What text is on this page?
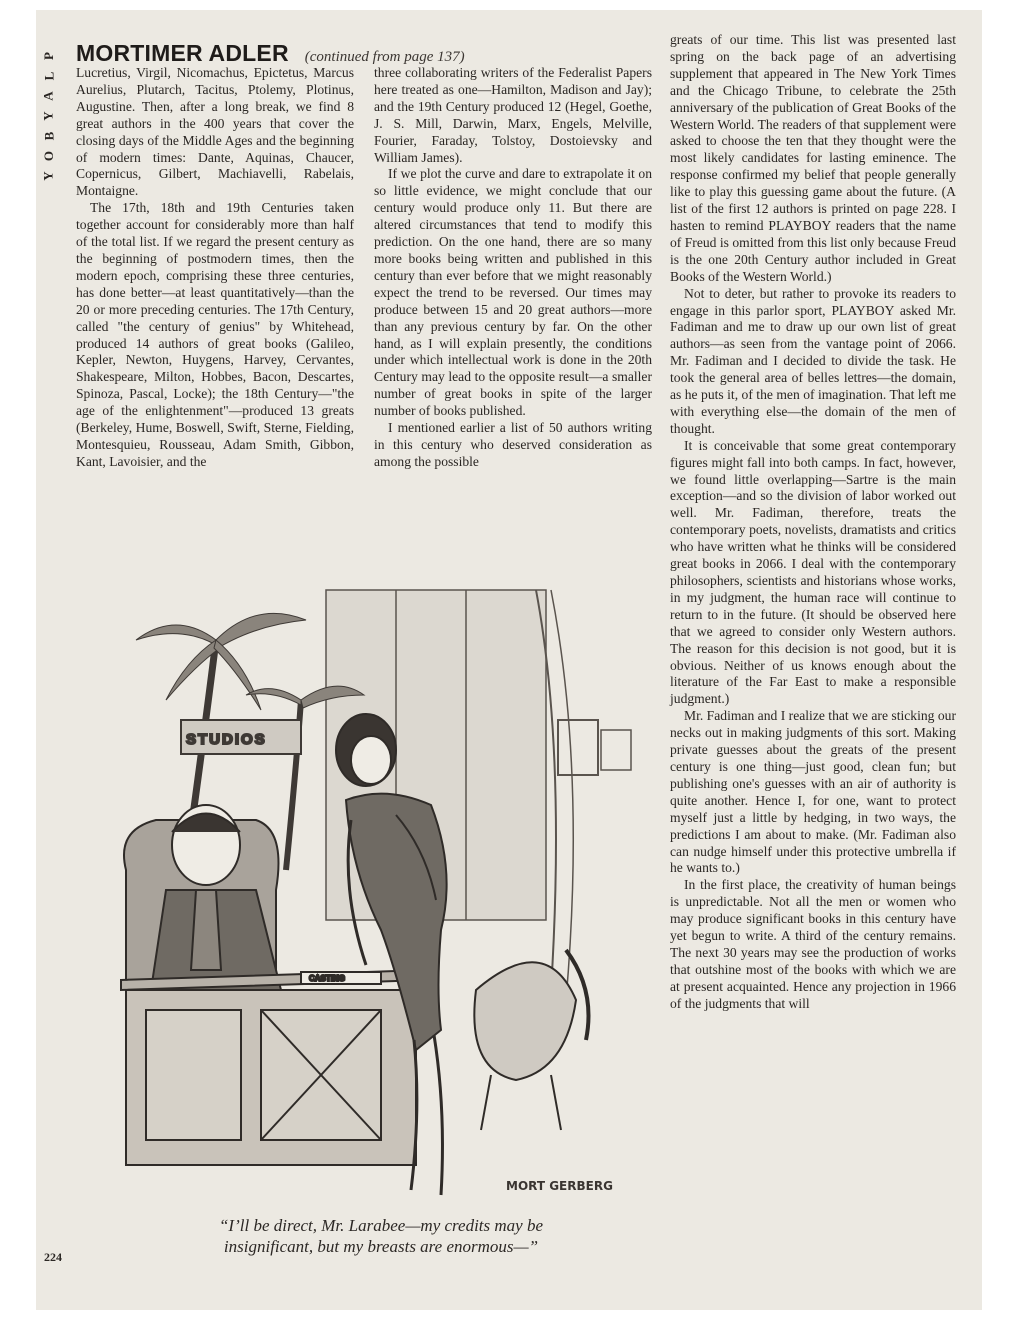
P
L
A
Y
B
O
Y
MORTIMER ADLER (continued from page 137)

Lucretius, Virgil, Nicomachus, Epictetus, Marcus Aurelius, Plutarch, Tacitus, Ptolemy, Plotinus, Augustine. Then, after a long break, we find 8 great authors in the 400 years that cover the closing days of the Middle Ages and the beginning of modern times: Dante, Aquinas, Chaucer, Copernicus, Gilbert, Machiavelli, Rabelais, Montaigne.

The 17th, 18th and 19th Centuries taken together account for considerably more than half of the total list. If we regard the present century as the beginning of postmodern times, then the modern epoch, comprising these three centuries, has done better—at least quantitatively—than the 20 or more preceding centuries. The 17th Century, called "the century of genius" by Whitehead, produced 14 authors of great books (Galileo, Kepler, Newton, Huygens, Harvey, Cervantes, Shakespeare, Milton, Hobbes, Bacon, Descartes, Spinoza, Pascal, Locke); the 18th Century—"the age of the enlightenment"—produced 13 greats (Berkeley, Hume, Boswell, Swift, Sterne, Fielding, Montesquieu, Rousseau, Adam Smith, Gibbon, Kant, Lavoisier, and the

three collaborating writers of the Federalist Papers here treated as one—Hamilton, Madison and Jay); and the 19th Century produced 12 (Hegel, Goethe, J. S. Mill, Darwin, Marx, Engels, Melville, Fourier, Faraday, Tolstoy, Dostoievsky and William James).

If we plot the curve and dare to extrapolate it on so little evidence, we might conclude that our century would produce only 11. But there are altered circumstances that tend to modify this prediction. On the one hand, there are so many more books being written and published in this century than ever before that we might reasonably expect the trend to be reversed. Our times may produce between 15 and 20 great authors—more than any previous century by far. On the other hand, as I will explain presently, the conditions under which intellectual work is done in the 20th Century may lead to the opposite result—a smaller number of great books in spite of the larger number of books published.

I mentioned earlier a list of 50 authors writing in this century who deserved consideration as among the possible

greats of our time. This list was presented last spring on the back page of an advertising supplement that appeared in The New York Times and the Chicago Tribune, to celebrate the 25th anniversary of the publication of Great Books of the Western World. The readers of that supplement were asked to choose the ten that they thought were the most likely candidates for lasting eminence. The response confirmed my belief that people generally like to play this guessing game about the future. (A list of the first 12 authors is printed on page 228. I hasten to remind PLAYBOY readers that the name of Freud is omitted from this list only because Freud is the one 20th Century author included in Great Books of the Western World.)

Not to deter, but rather to provoke its readers to engage in this parlor sport, PLAYBOY asked Mr. Fadiman and me to draw up our own list of great authors—as seen from the vantage point of 2066. Mr. Fadiman and I decided to divide the task. He took the general area of belles lettres—the domain, as he puts it, of the men of imagination. That left me with everything else—the domain of the men of thought.

It is conceivable that some great contemporary figures might fall into both camps. In fact, however, we found little overlapping—Sartre is the main exception—and so the division of labor worked out well. Mr. Fadiman, therefore, treats the contemporary poets, novelists, dramatists and critics who have written what he thinks will be considered great books in 2066. I deal with the contemporary philosophers, scientists and historians whose works, in my judgment, the human race will continue to return to in the future. (It should be observed here that we agreed to consider only Western authors. The reason for this decision is not good, but it is obvious. Neither of us knows enough about the literature of the Far East to make a responsible judgment.)

Mr. Fadiman and I realize that we are sticking our necks out in making judgments of this sort. Making private guesses about the greats of the present century is one thing—just good, clean fun; but publishing one's guesses with an air of authority is quite another. Hence I, for one, want to protect myself just a little by hedging, in two ways, the predictions I am about to make. (Mr. Fadiman also can nudge himself under this protective umbrella if he wants to.)

In the first place, the creativity of human beings is unpredictable. Not all the men or women who may produce significant books in this century have yet begun to write. A third of the century remains. The next 30 years may see the production of works that outshine most of the books with which we are at present acquainted. Hence any projection in 1966 of the judgments that will

STUDIOS
CASTING
MORT GERBERG
“I’ll be direct, Mr. Larabee—my credits may be
insignificant, but my breasts are enormous—”
224
